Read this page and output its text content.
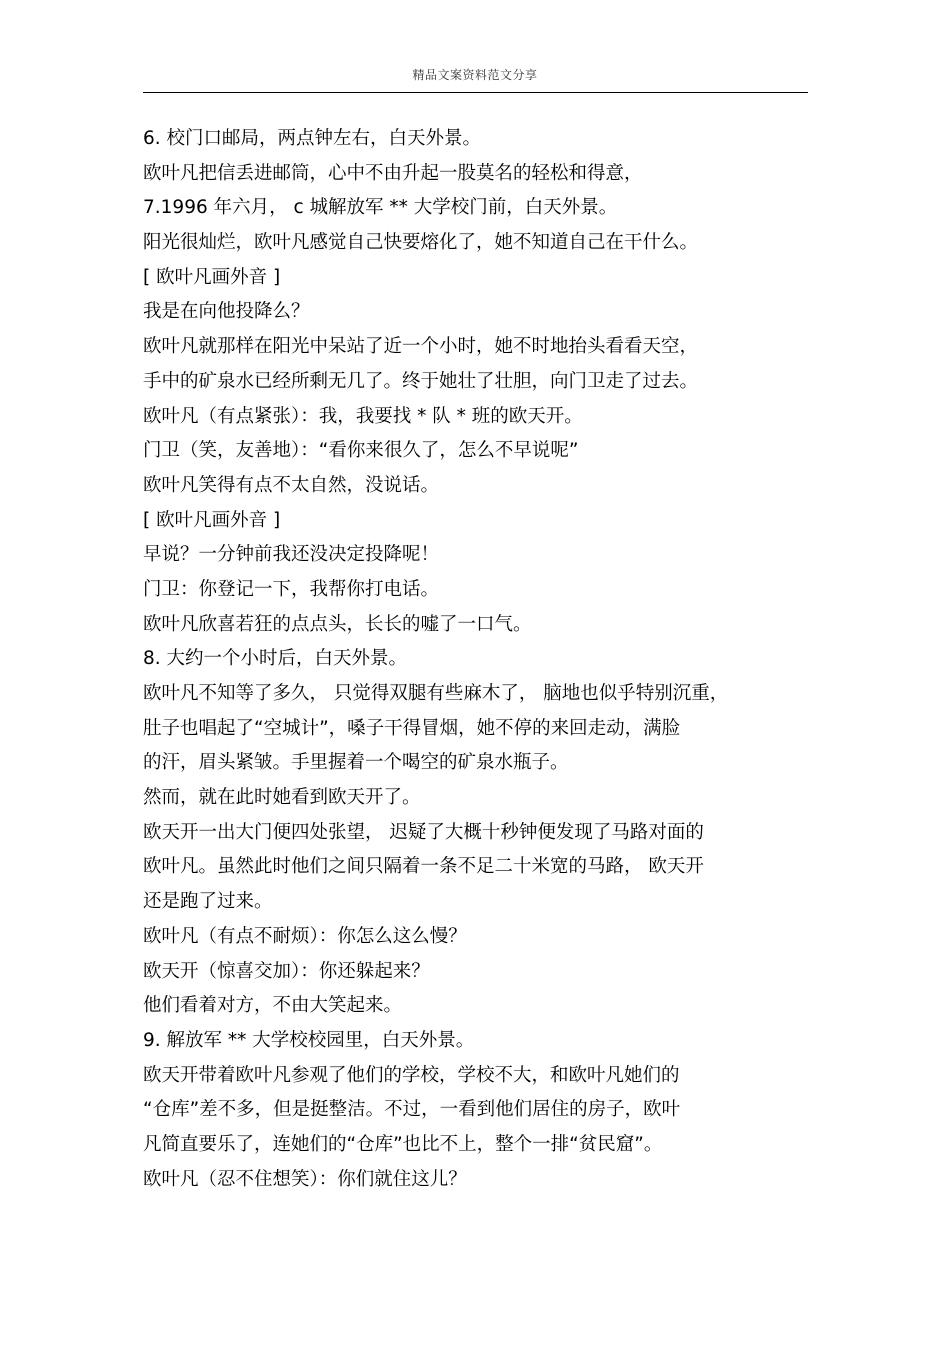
精品文案资料范文分享
6. 校门口邮局，两点钟左右，白天外景。
欧叶凡把信丢进邮筒，心中不由升起一股莫名的轻松和得意，
7.1996 年六月， c 城解放军 ** 大学校门前，白天外景。
阳光很灿烂，欧叶凡感觉自己快要熔化了，她不知道自己在干什么。
[ 欧叶凡画外音 ]
我是在向他投降么？
欧叶凡就那样在阳光中呆站了近一个小时，她不时地抬头看看天空，
手中的矿泉水已经所剩无几了。终于她壮了壮胆，向门卫走了过去。
欧叶凡（有点紧张）：我，我要找 * 队 * 班的欧天开。
门卫（笑，友善地）：“看你来很久了，怎么不早说呢”
欧叶凡笑得有点不太自然，没说话。
[ 欧叶凡画外音 ]
早说？一分钟前我还没决定投降呢！
门卫：你登记一下，我帮你打电话。
欧叶凡欣喜若狂的点点头，长长的嘘了一口气。
8. 大约一个小时后，白天外景。
欧叶凡不知等了多久， 只觉得双腿有些麻木了， 脑地也似乎特别沉重，
肚子也唱起了“空城计”，嗓子干得冒烟，她不停的来回走动，满脸
的汗，眉头紧皱。手里握着一个喝空的矿泉水瓶子。
然而，就在此时她看到欧天开了。
欧天开一出大门便四处张望， 迟疑了大概十秒钟便发现了马路对面的
欧叶凡。虽然此时他们之间只隔着一条不足二十米宽的马路， 欧天开
还是跑了过来。
欧叶凡（有点不耐烦）：你怎么这么慢？
欧天开（惊喜交加）：你还躲起来？
他们看着对方，不由大笑起来。
9. 解放军 ** 大学校校园里，白天外景。
欧天开带着欧叶凡参观了他们的学校，学校不大，和欧叶凡她们的
“仓库”差不多，但是挺整洁。不过，一看到他们居住的房子，欧叶
凡简直要乐了，连她们的“仓库”也比不上，整个一排“贫民窟”。
欧叶凡（忍不住想笑）：你们就住这儿？
